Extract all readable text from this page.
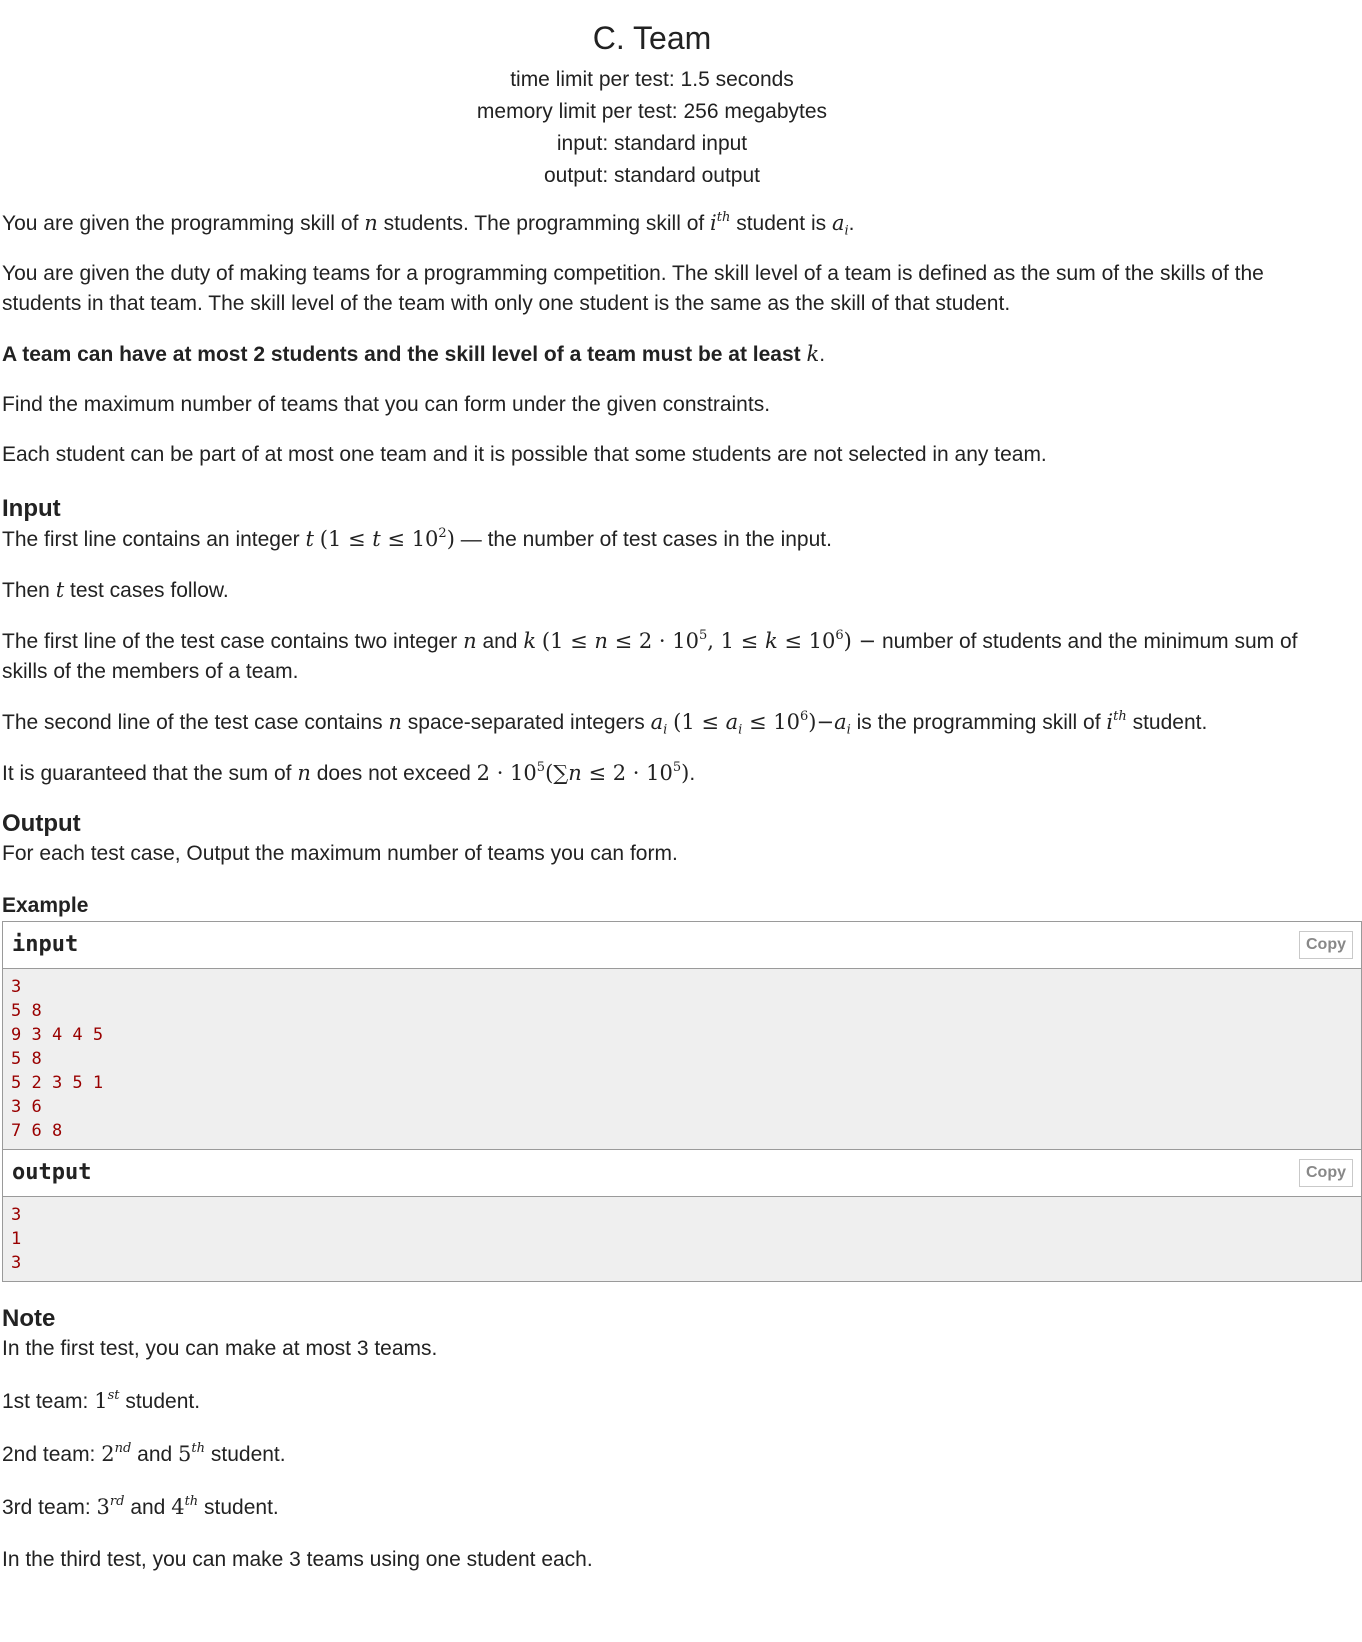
C. Team
time limit per test: 1.5 seconds
memory limit per test: 256 megabytes
input: standard input
output: standard output

You are given the programming skill of n students. The programming skill of $i^{th}$ student is $a_i$.

You are given the duty of making teams for a programming competition. The skill level of a team is defined as the sum of the skills of the students in that team. The skill level of the team with only one student is the same as the skill of that student.

A team can have at most 2 students and the skill level of a team must be at least k.

Find the maximum number of teams that you can form under the given constraints.

Each student can be part of at most one team and it is possible that some students are not selected in any team.

Input

The first line contains an integer t $(1 \le t \le 10^2)$ — the number of test cases in the input.

Then t test cases follow.

The first line of the test case contains two integer n and k ($1 \le n \le 2 \cdot 10^5$, $1 \le k \le 10^6$) − number of students and the minimum sum of skills of the members of a team.

The second line of the test case contains n space-separated integers $a_i$ $(1 \le a_i \le 10^6)-a_i$ is the programming skill of $i^{th}$ student.

It is guaranteed that the sum of n does not exceed $2 \cdot 10^5(\sum n \le 2 \cdot 10^5)$.

Output

For each test case, Output the maximum number of teams you can form.

Example
input	Copy
3
5 8
9 3 4 4 5
5 8
5 2 3 5 1
3 6
7 6 8
output	Copy
3
1
3
Note

In the first test, you can make at most 3 teams.

1st team: 1st student.

2nd team: 2nd and 5th student.

3rd team: 3rd and 4th student.

In the third test, you can make 3 teams using one student each.
